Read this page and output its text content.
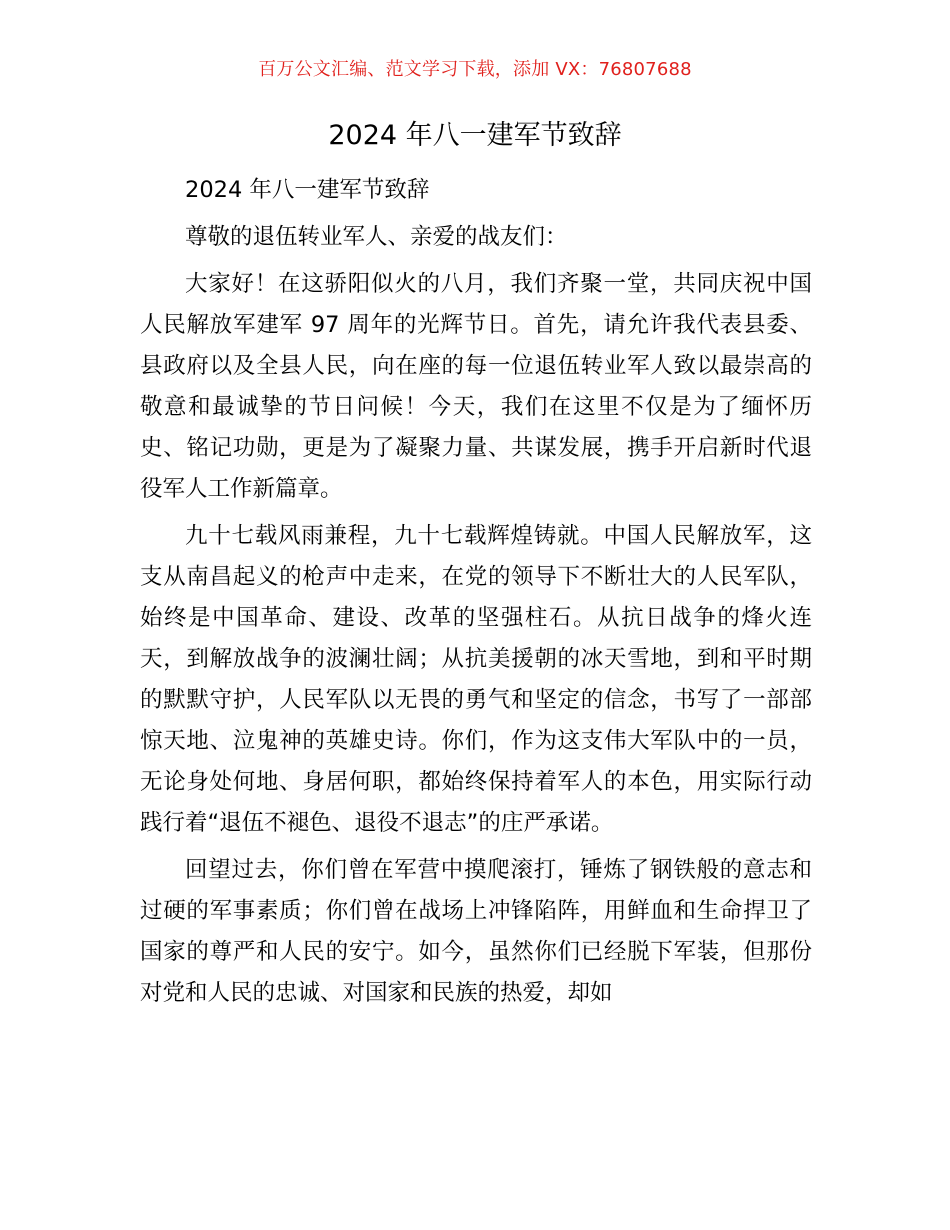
百万公文汇编、范文学习下载，添加 VX：76807688
2024 年八一建军节致辞

2024 年八一建军节致辞

尊敬的退伍转业军人、亲爱的战友们：

大家好！在这骄阳似火的八月，我们齐聚一堂，共同庆祝中国人民解放军建军 97 周年的光辉节日。首先，请允许我代表县委、县政府以及全县人民，向在座的每一位退伍转业军人致以最崇高的敬意和最诚挚的节日问候！今天，我们在这里不仅是为了缅怀历史、铭记功勋，更是为了凝聚力量、共谋发展，携手开启新时代退役军人工作新篇章。

九十七载风雨兼程，九十七载辉煌铸就。中国人民解放军，这支从南昌起义的枪声中走来，在党的领导下不断壮大的人民军队，始终是中国革命、建设、改革的坚强柱石。从抗日战争的烽火连天，到解放战争的波澜壮阔；从抗美援朝的冰天雪地，到和平时期的默默守护，人民军队以无畏的勇气和坚定的信念，书写了一部部惊天地、泣鬼神的英雄史诗。你们，作为这支伟大军队中的一员，无论身处何地、身居何职，都始终保持着军人的本色，用实际行动践行着“退伍不褪色、退役不退志”的庄严承诺。

回望过去，你们曾在军营中摸爬滚打，锤炼了钢铁般的意志和过硬的军事素质；你们曾在战场上冲锋陷阵，用鲜血和生命捍卫了国家的尊严和人民的安宁。如今，虽然你们已经脱下军装，但那份对党和人民的忠诚、对国家和民族的热爱，却如
